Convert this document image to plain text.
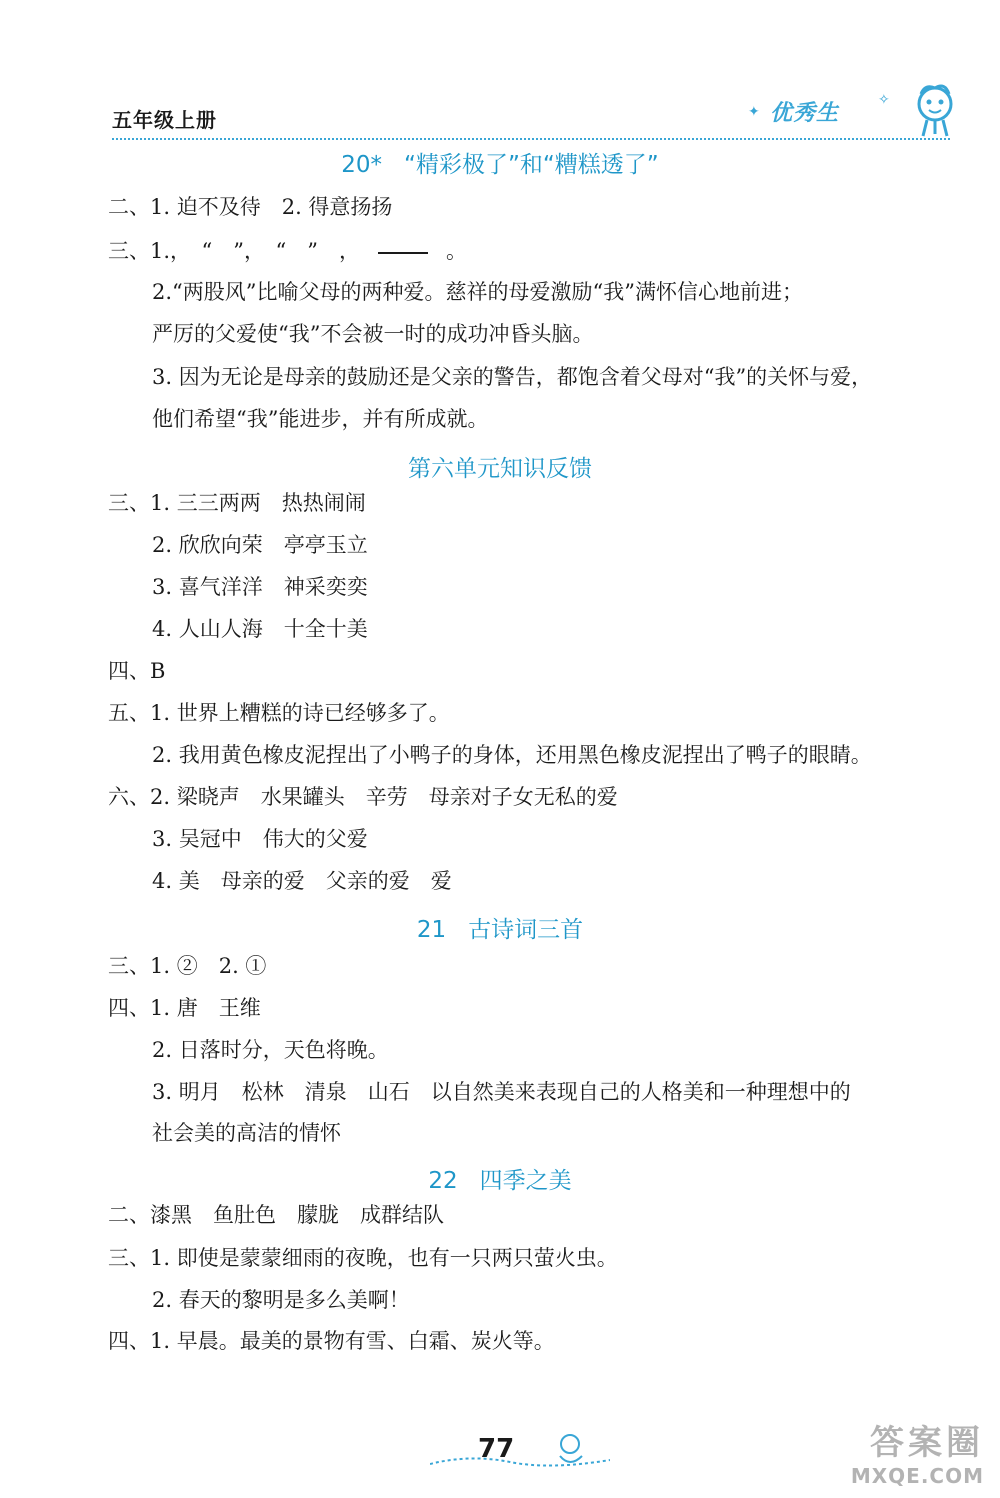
五年级上册	优秀生
✦
✧
20* “精彩极了”和“糟糕透了”
二、1. 迫不及待　2. 得意扬扬
三、1.，　“　”，　“　”　，	。
2.“两股风”比喻父母的两种爱。慈祥的母爱激励“我”满怀信心地前进；
严厉的父爱使“我”不会被一时的成功冲昏头脑。
3. 因为无论是母亲的鼓励还是父亲的警告，都饱含着父母对“我”的关怀与爱，
他们希望“我”能进步，并有所成就。
第六单元知识反馈
三、1. 三三两两　热热闹闹
2. 欣欣向荣　亭亭玉立
3. 喜气洋洋　神采奕奕
4. 人山人海　十全十美
四、B
五、1. 世界上糟糕的诗已经够多了。
2. 我用黄色橡皮泥捏出了小鸭子的身体，还用黑色橡皮泥捏出了鸭子的眼睛。
六、2. 梁晓声　水果罐头　辛劳　母亲对子女无私的爱
3. 吴冠中　伟大的父爱
4. 美　母亲的爱　父亲的爱　爱
21 古诗词三首
三、1. ②　2. ①
四、1. 唐　王维
2. 日落时分，天色将晚。
3. 明月　松林　清泉　山石　以自然美来表现自己的人格美和一种理想中的
社会美的高洁的情怀
22 四季之美
二、漆黑　鱼肚色　朦胧　成群结队
三、1. 即使是蒙蒙细雨的夜晚，也有一只两只萤火虫。
2. 春天的黎明是多么美啊！
四、1. 早晨。最美的景物有雪、白霜、炭火等。
77	答案圈
MXQE.COM
